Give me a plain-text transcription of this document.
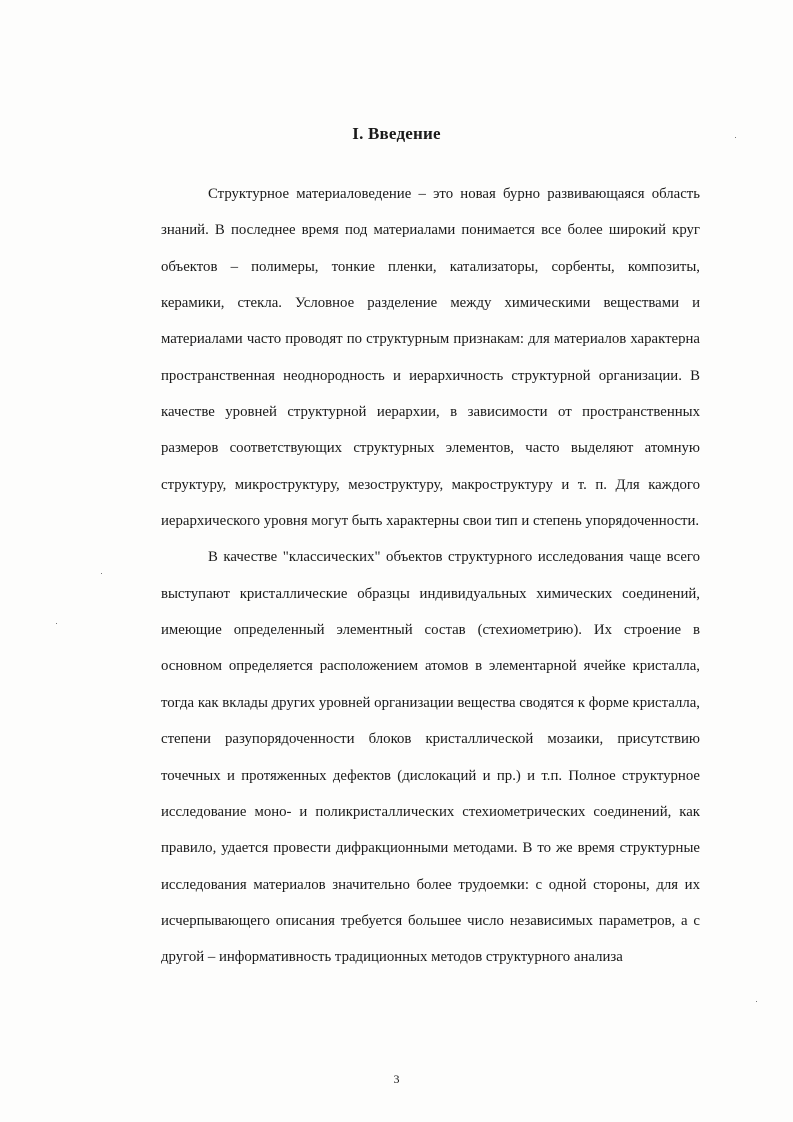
I. Введение

Структурное материаловедение – это новая бурно развивающаяся область знаний. В последнее время под материалами понимается все более широкий круг объектов – полимеры, тонкие пленки, катализаторы, сорбенты, композиты, керамики, стекла. Условное разделение между химическими веществами и материалами часто проводят по структурным признакам: для материалов характерна пространственная неоднородность и иерархичность структурной организации. В качестве уровней структурной иерархии, в зависимости от пространственных размеров соответствующих структурных элементов, часто выделяют атомную структуру, микроструктуру, мезоструктуру, макроструктуру и т. п. Для каждого иерархического уровня могут быть характерны свои тип и степень упорядоченности.

В качестве "классических" объектов структурного исследования чаще всего выступают кристаллические образцы индивидуальных химических соединений, имеющие определенный элементный состав (стехиометрию). Их строение в основном определяется расположением атомов в элементарной ячейке кристалла, тогда как вклады других уровней организации вещества сводятся к форме кристалла, степени разупорядоченности блоков кристаллической мозаики, присутствию точечных и протяженных дефектов (дислокаций и пр.) и т.п. Полное структурное исследование моно- и поликристаллических стехиометрических соединений, как правило, удается провести дифракционными методами. В то же время структурные исследования материалов значительно более трудоемки: с одной стороны, для их исчерпывающего описания требуется большее число независимых параметров, а с другой – информативность традиционных методов структурного анализа

3
